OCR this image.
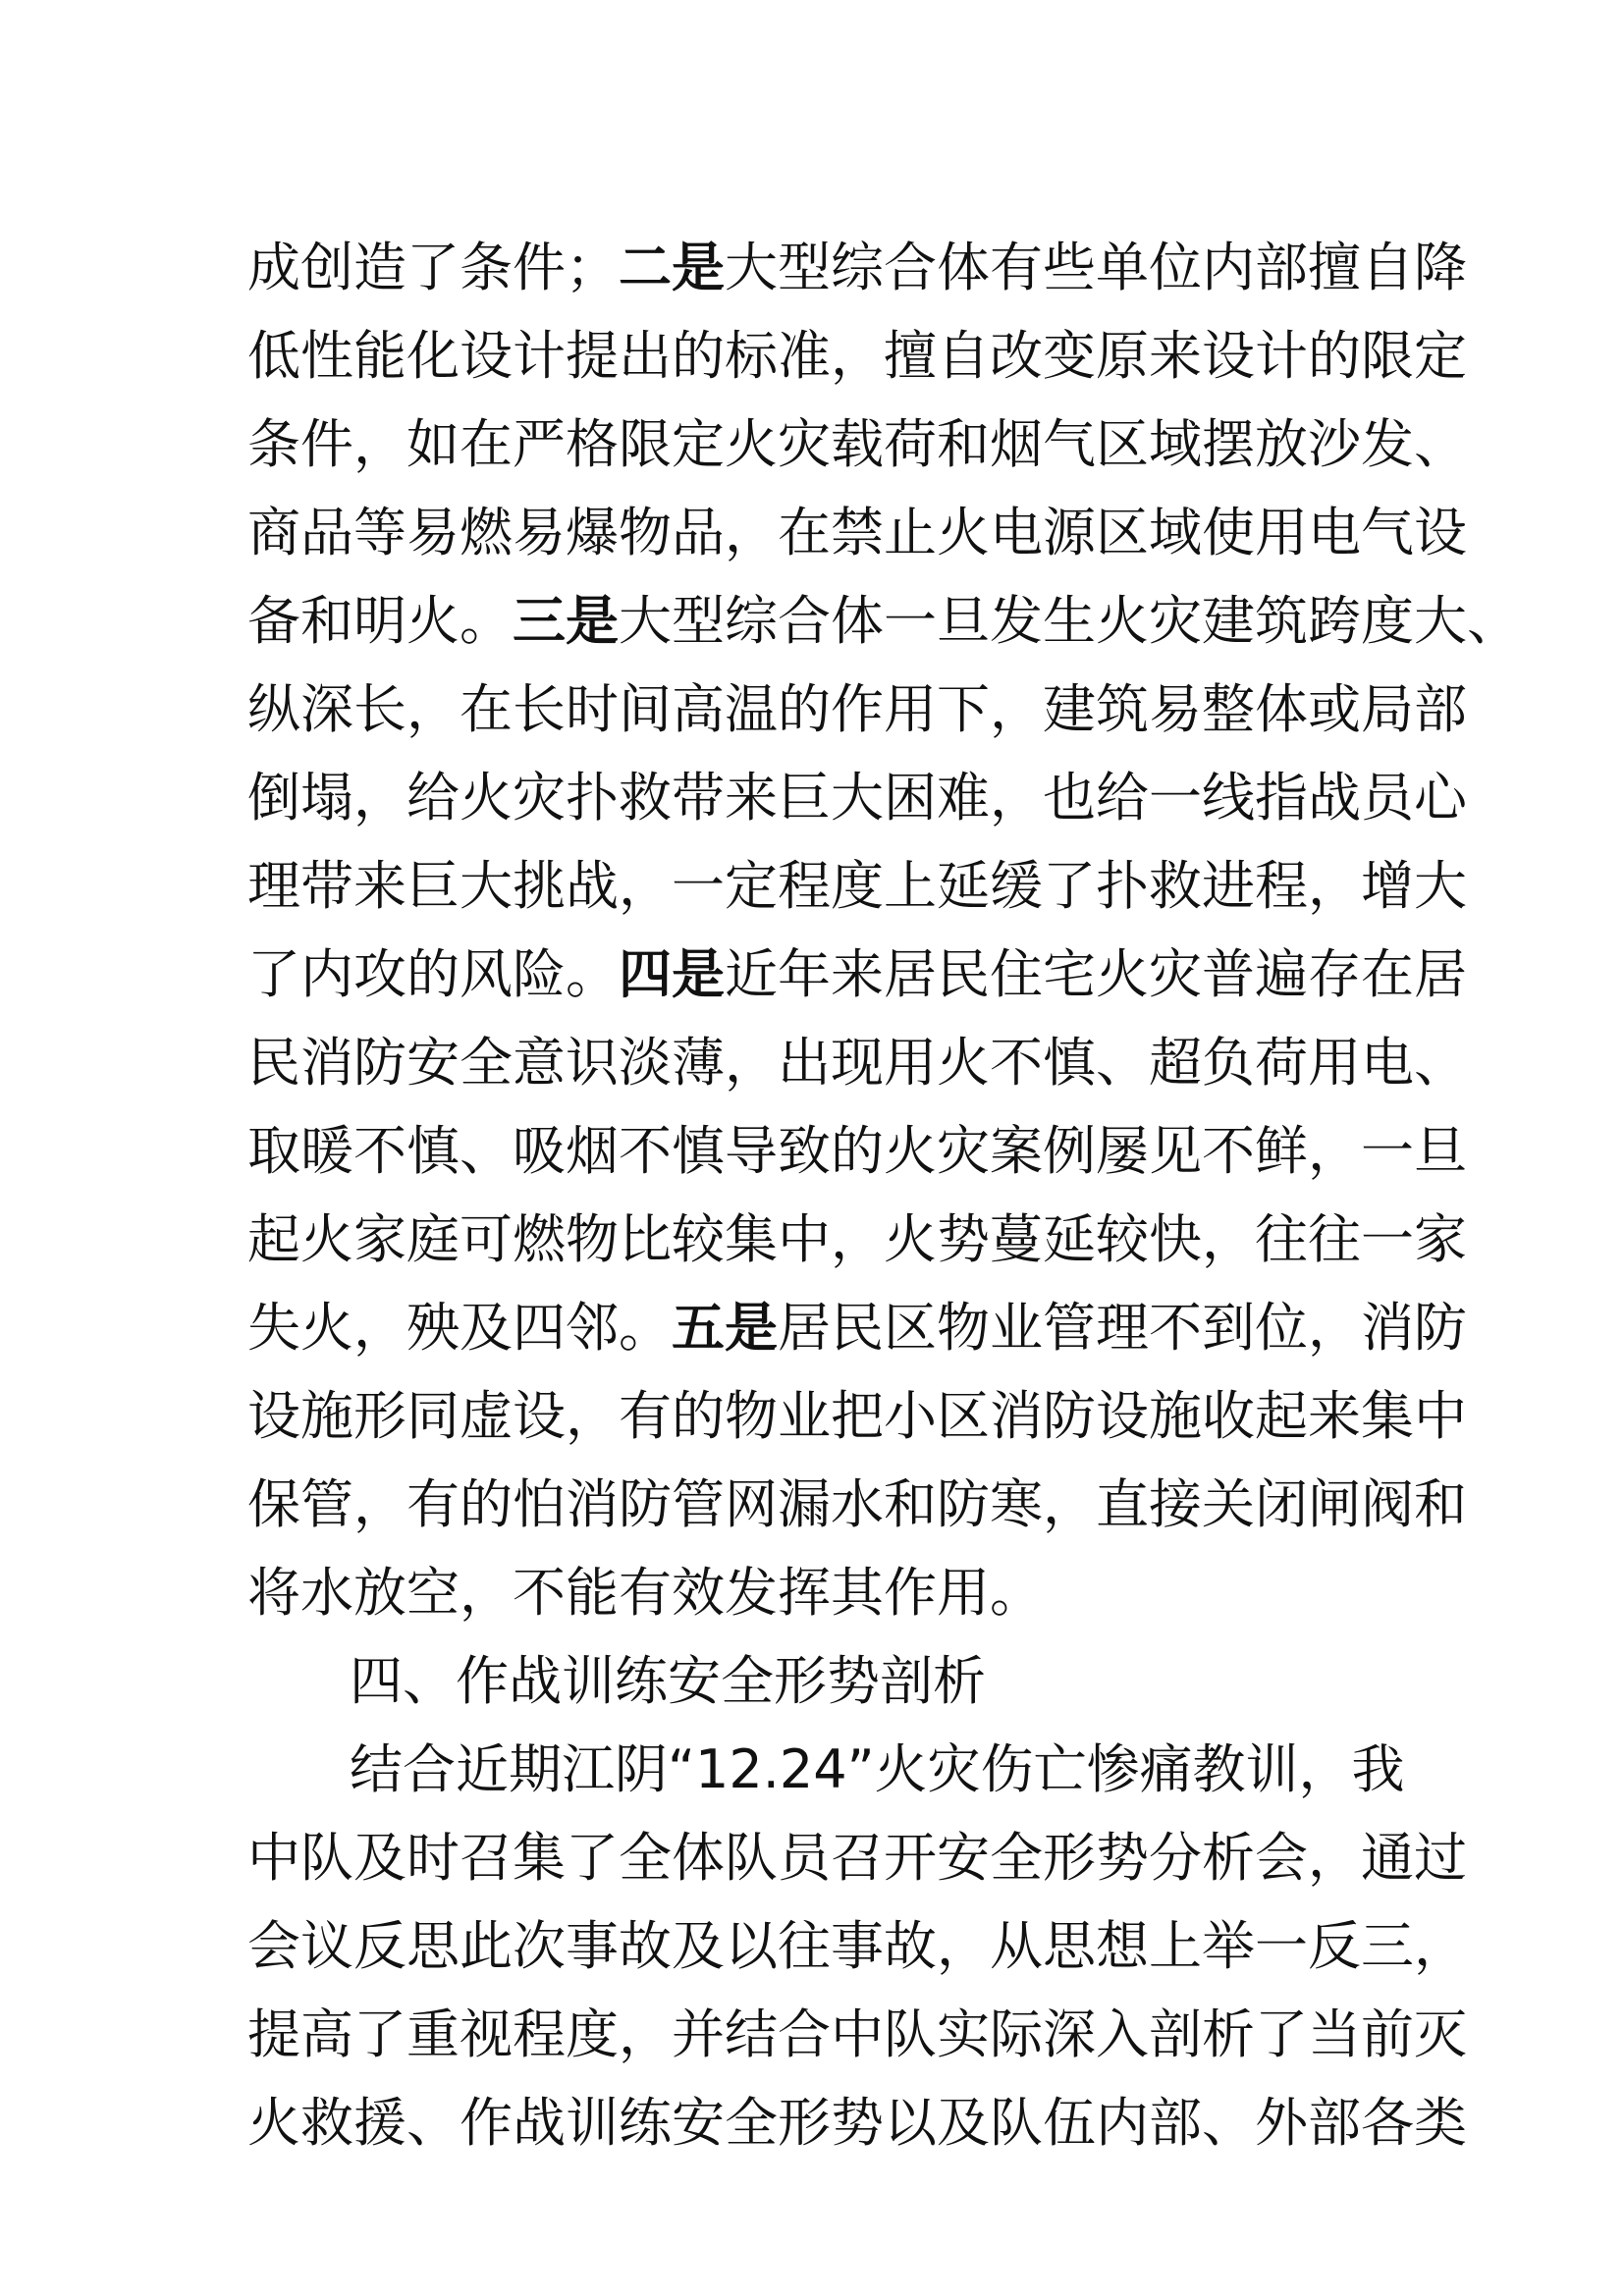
成创造了条件；二是大型综合体有些单位内部擅自降
低性能化设计提出的标准，擅自改变原来设计的限定
条件，如在严格限定火灾载荷和烟气区域摆放沙发、
商品等易燃易爆物品，在禁止火电源区域使用电气设
备和明火。三是大型综合体一旦发生火灾建筑跨度大、
纵深长，在长时间高温的作用下，建筑易整体或局部
倒塌，给火灾扑救带来巨大困难，也给一线指战员心
理带来巨大挑战，一定程度上延缓了扑救进程，增大
了内攻的风险。四是近年来居民住宅火灾普遍存在居
民消防安全意识淡薄，出现用火不慎、超负荷用电、
取暖不慎、吸烟不慎导致的火灾案例屡见不鲜，一旦
起火家庭可燃物比较集中，火势蔓延较快，往往一家
失火，殃及四邻。五是居民区物业管理不到位，消防
设施形同虚设，有的物业把小区消防设施收起来集中
保管，有的怕消防管网漏水和防寒，直接关闭闸阀和
将水放空，不能有效发挥其作用。
四、作战训练安全形势剖析
结合近期江阴“12.24”火灾伤亡惨痛教训，我
中队及时召集了全体队员召开安全形势分析会，通过
会议反思此次事故及以往事故，从思想上举一反三，
提高了重视程度，并结合中队实际深入剖析了当前灭
火救援、作战训练安全形势以及队伍内部、外部各类
